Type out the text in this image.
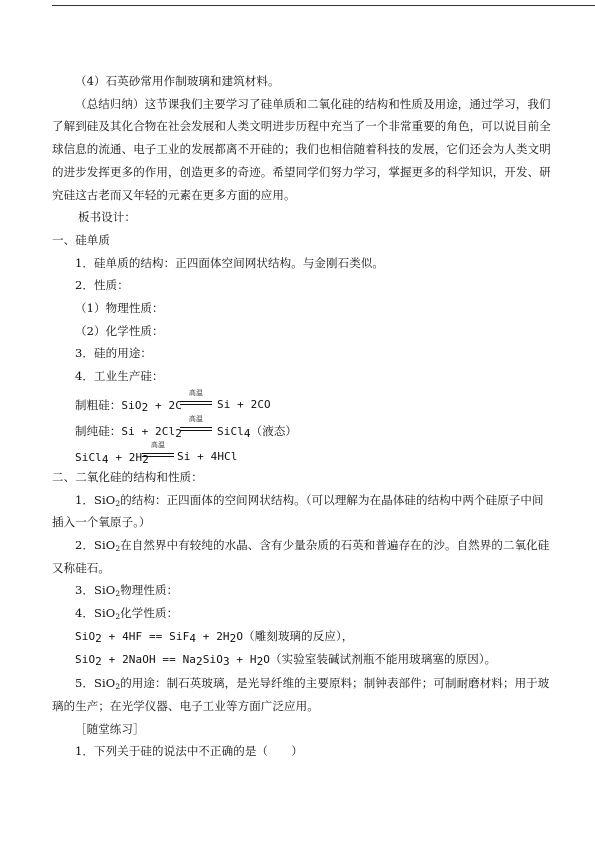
（4）石英砂常用作制玻璃和建筑材料。

（总结归纳）这节课我们主要学习了硅单质和二氧化硅的结构和性质及用途，通过学习，我们了解到硅及其化合物在社会发展和人类文明进步历程中充当了一个非常重要的角色，可以说目前全球信息的流通、电子工业的发展都离不开硅的；我们也相信随着科技的发展，它们还会为人类文明的进步发挥更多的作用，创造更多的奇迹。希望同学们努力学习，掌握更多的科学知识，开发、研究硅这古老而又年轻的元素在更多方面的应用。

板书设计：

一、硅单质

1．硅单质的结构：正四面体空间网状结构。与金刚石类似。

2．性质：

（1）物理性质：

（2）化学性质：

3．硅的用途：

4．工业生产硅：

制粗硅：SiO$_2$ + 2C
高温
Si + 2CO
制纯硅：$Si + 2Cl_2$
高温
SiCl$_4$（液态）
SiCl$_4$ + $2H_2$
高温
Si + 4HCl

二、二氧化硅的结构和性质：

1．SiO$_2$的结构：正四面体的空间网状结构。（可以理解为在晶体硅的结构中两个硅原子中间插入一个氧原子。）

2．SiO$_2$在自然界中有较纯的水晶、含有少量杂质的石英和普遍存在的沙。自然界的二氧化硅又称硅石。

3．SiO$_2$物理性质：

4．SiO$_2$化学性质：

$SiO_2 + 4HF == SiF_4 + 2H_2O$（雕刻玻璃的反应），

SiO$_2$ + 2NaOH == $Na_2SiO_3 + H_2O$（实验室装碱试剂瓶不能用玻璃塞的原因）。

5．SiO$_2$的用途：制石英玻璃，是光导纤维的主要原料；制钟表部件；可制耐磨材料；用于玻璃的生产；在光学仪器、电子工业等方面广泛应用。

［随堂练习］

1．下列关于硅的说法中不正确的是（　　）
